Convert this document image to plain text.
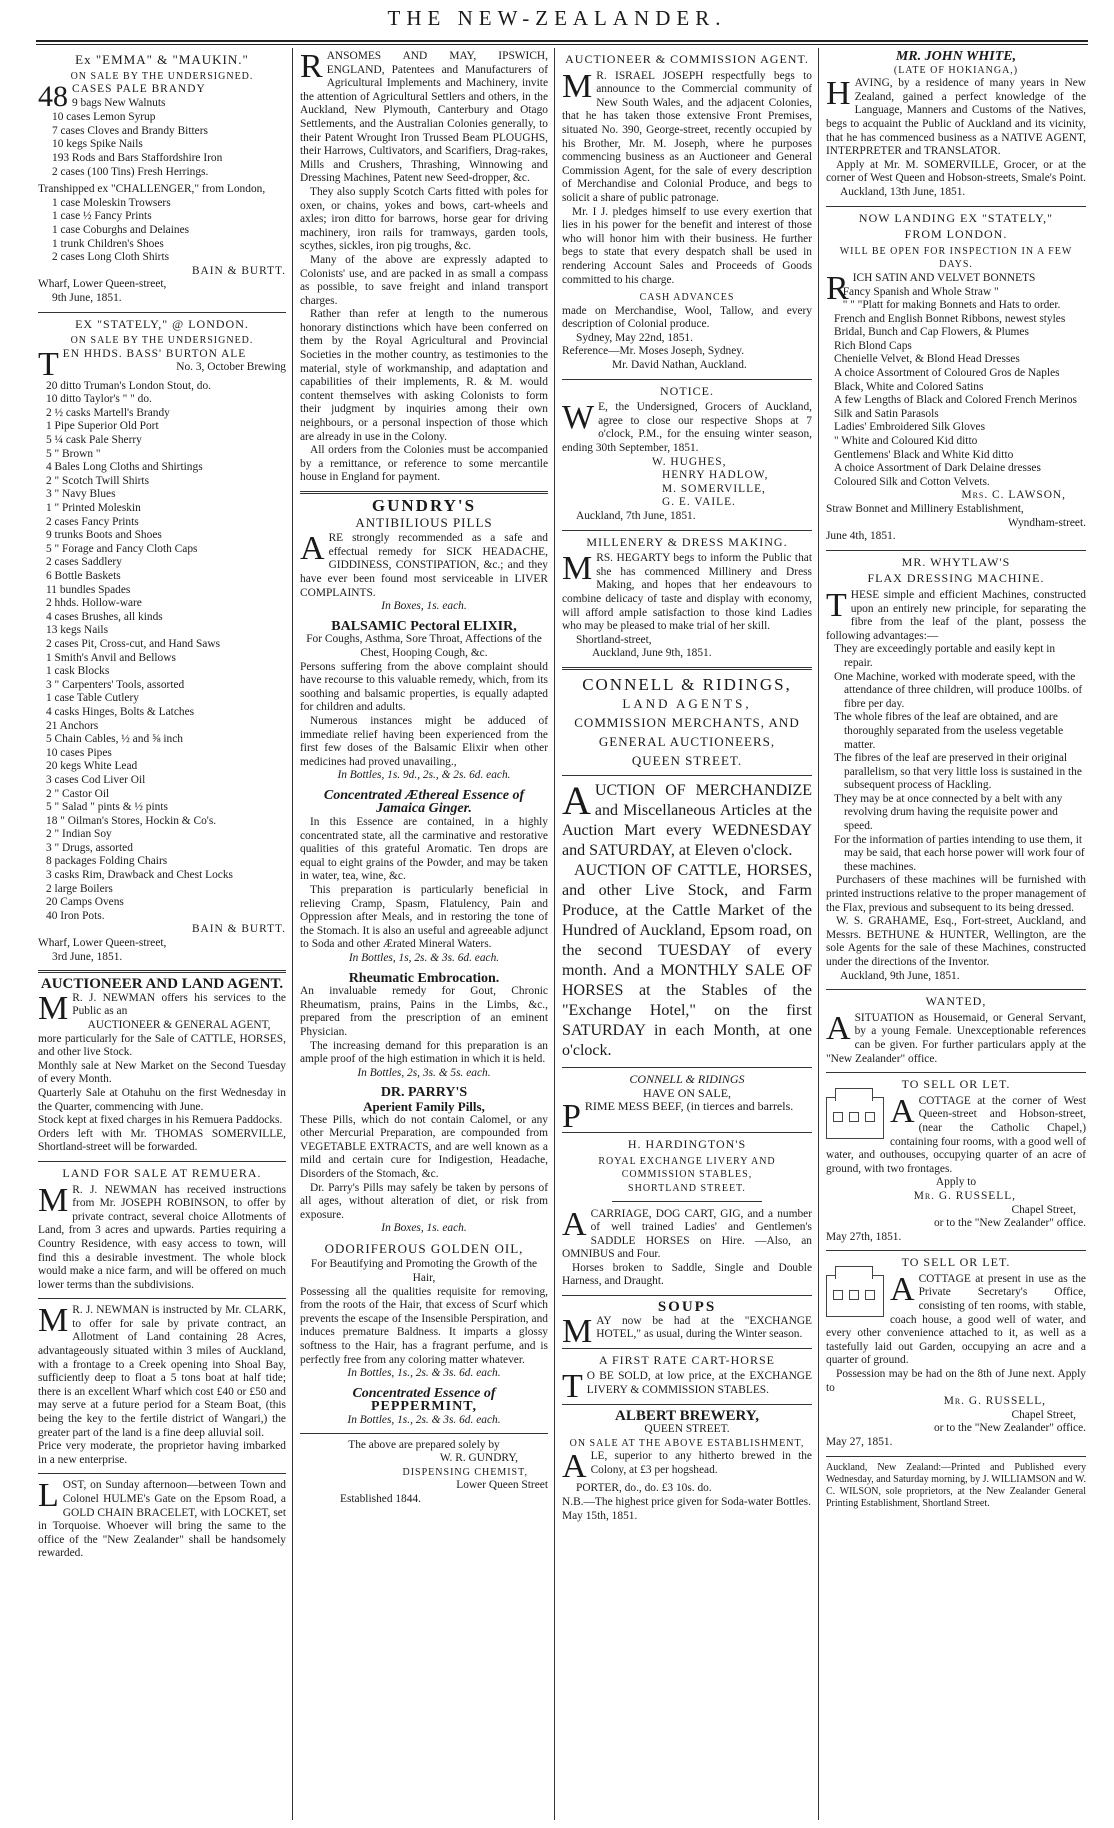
THE NEW-ZEALANDER.
Ex "EMMA" & "MAUKIN."
ON SALE BY THE UNDERSIGNED.
48 CASES PALE BRANDY
9 bags New Walnuts
10 cases Lemon Syrup
7 cases Cloves and Brandy Bitters
10 kegs Spike Nails
193 Rods and Bars Staffordshire Iron
2 cases (100 Tins) Fresh Herrings.
Transhipped ex "CHALLENGER," from London,
1 case Moleskin Trowsers
1 case ½ Fancy Prints
1 case Coburghs and Delaines
1 trunk Children's Shoes
2 cases Long Cloth Shirts
BAIN & BURTT.
Wharf, Lower Queen-street,
9th June, 1851.
EX "STATELY," @ LONDON.
ON SALE BY THE UNDERSIGNED.
TEN HHDS. BASS' BURTON ALE
No. 3, October Brewing
20 ditto Truman's London Stout, do.
10 ditto Taylor's " " do.
2 ½ casks Martell's Brandy
1 Pipe Superior Old Port
5 ¼ cask Pale Sherry
5 " Brown "
4 Bales Long Cloths and Shirtings
2 " Scotch Twill Shirts
3 " Navy Blues
1 " Printed Moleskin
2 cases Fancy Prints
9 trunks Boots and Shoes
5 " Forage and Fancy Cloth Caps
2 cases Saddlery
6 Bottle Baskets
11 bundles Spades
2 hhds. Hollow-ware
4 cases Brushes, all kinds
13 kegs Nails
2 cases Pit, Cross-cut, and Hand Saws
1 Smith's Anvil and Bellows
1 cask Blocks
3 " Carpenters' Tools, assorted
1 case Table Cutlery
4 casks Hinges, Bolts & Latches
21 Anchors
5 Chain Cables, ½ and ⅝ inch
10 cases Pipes
20 kegs White Lead
3 cases Cod Liver Oil
2 " Castor Oil
5 " Salad " pints & ½ pints
18 " Oilman's Stores, Hockin & Co's.
2 " Indian Soy
3 " Drugs, assorted
8 packages Folding Chairs
3 casks Rim, Drawback and Chest Locks
2 large Boilers
20 Camps Ovens
40 Iron Pots.
BAIN & BURTT.
Wharf, Lower Queen-street,
3rd June, 1851.
AUCTIONEER AND LAND AGENT.
M R. J. NEWMAN offers his services to the Public as an
AUCTIONEER & GENERAL AGENT,
more particularly for the Sale of CATTLE, HORSES, and other live Stock.
Monthly sale at New Market on the Second Tuesday of every Month.
Quarterly Sale at Otahuhu on the first Wednesday in the Quarter, commencing with June.
Stock kept at fixed charges in his Remuera Paddocks.
Orders left with Mr. THOMAS SOMERVILLE, Shortland-street will be forwarded.
LAND FOR SALE AT REMUERA.
M R. J. NEWMAN has received instructions from Mr. JOSEPH ROBINSON, to offer by private contract, several choice Allotments of Land, from 3 acres and upwards. Parties requiring a Country Residence, with easy access to town, will find this a desirable investment. The whole block would make a nice farm, and will be offered on much lower terms than the subdivisions.
M R. J. NEWMAN is instructed by Mr. CLARK, to offer for sale by private contract, an Allotment of Land containing 28 Acres, advantageously situated within 3 miles of Auckland, with a frontage to a Creek opening into Shoal Bay, sufficiently deep to float a 5 tons boat at half tide; there is an excellent Wharf which cost £40 or £50 and may serve at a future period for a Steam Boat, (this being the key to the fertile district of Wangari,) the greater part of the land is a fine deep alluvial soil.
Price very moderate, the proprietor having imbarked in a new enterprise.
LOST, on Sunday afternoon—between Town and Colonel HULME's Gate on the Epsom Road, a GOLD CHAIN BRACELET, with LOCKET, set in Torquoise. Whoever will bring the same to the office of the "New Zealander" shall be handsomely rewarded.
RANSOMES AND MAY, IPSWICH, ENGLAND, Patentees and Manufacturers of Agricultural Implements and Machinery, invite the attention of Agricultural Settlers and others, in the Auckland, New Plymouth, Canterbury and Otago Settlements, and the Australian Colonies generally, to their Patent Wrought Iron Trussed Beam PLOUGHS, their Harrows, Cultivators, and Scarifiers, Drag-rakes, Mills and Crushers, Thrashing, Winnowing and Dressing Machines, Patent new Seed-dropper, &c.
They also supply Scotch Carts fitted with poles for oxen, or chains, yokes and bows, cart-wheels and axles; iron ditto for barrows, horse gear for driving machinery, iron rails for tramways, garden tools, scythes, sickles, iron pig troughs, &c.
Many of the above are expressly adapted to Colonists' use, and are packed in as small a compass as possible, to save freight and inland transport charges.
Rather than refer at length to the numerous honorary distinctions which have been conferred on them by the Royal Agricultural and Provincial Societies in the mother country, as testimonies to the material, style of workmanship, and adaptation and capabilities of their implements, R. & M. would content themselves with asking Colonists to form their judgment by inquiries among their own neighbours, or a personal inspection of those which are already in use in the Colony.
All orders from the Colonies must be accompanied by a remittance, or reference to some mercantile house in England for payment.
GUNDRY'S
ANTIBILIOUS PILLS
ARE strongly recommended as a safe and effectual remedy for SICK HEADACHE, GIDDINESS, CONSTIPATION, &c.; and they have ever been found most serviceable in LIVER COMPLAINTS.
In Boxes, 1s. each.
BALSAMIC Pectoral ELIXIR,
For Coughs, Asthma, Sore Throat, Affections of the Chest, Hooping Cough, &c.
Persons suffering from the above complaint should have recourse to this valuable remedy, which, from its soothing and balsamic properties, is equally adapted for children and adults.
Numerous instances might be adduced of immediate relief having been experienced from the first few doses of the Balsamic Elixir when other medicines had proved unavailing.,
In Bottles, 1s. 9d., 2s., & 2s. 6d. each.
Concentrated Æthereal Essence of Jamaica Ginger.
In this Essence are contained, in a highly concentrated state, all the carminative and restorative qualities of this grateful Aromatic. Ten drops are equal to eight grains of the Powder, and may be taken in water, tea, wine, &c.
This preparation is particularly beneficial in relieving Cramp, Spasm, Flatulency, Pain and Oppression after Meals, and in restoring the tone of the Stomach. It is also an useful and agreeable adjunct to Soda and other Ærated Mineral Waters.
In Bottles, 1s, 2s. & 3s. 6d. each.
Rheumatic Embrocation.
An invaluable remedy for Gout, Chronic Rheumatism, prains, Pains in the Limbs, &c., prepared from the prescription of an eminent Physician.
The increasing demand for this preparation is an ample proof of the high estimation in which it is held.
In Bottles, 2s, 3s. & 5s. each.
DR. PARRY'S
Aperient Family Pills,
These Pills, which do not contain Calomel, or any other Mercurial Preparation, are compounded from VEGETABLE EXTRACTS, and are well known as a mild and certain cure for Indigestion, Headache, Disorders of the Stomach, &c.
Dr. Parry's Pills may safely be taken by persons of all ages, without alteration of diet, or risk from exposure.
In Boxes, 1s. each.
ODORIFEROUS GOLDEN OIL,
For Beautifying and Promoting the Growth of the Hair,
Possessing all the qualities requisite for removing, from the roots of the Hair, that excess of Scurf which prevents the escape of the Insensible Perspiration, and induces premature Baldness. It imparts a glossy softness to the Hair, has a fragrant perfume, and is perfectly free from any coloring matter whatever.
In Bottles, 1s., 2s. & 3s. 6d. each.
Concentrated Essence of
PEPPERMINT,
In Bottles, 1s., 2s. & 3s. 6d. each.
The above are prepared solely by
W. R. GUNDRY,
DISPENSING CHEMIST,
Lower Queen Street
Established 1844.
AUCTIONEER & COMMISSION AGENT.
M R. ISRAEL JOSEPH respectfully begs to announce to the Commercial community of New South Wales, and the adjacent Colonies, that he has taken those extensive Front Premises, situated No. 390, George-street, recently occupied by his Brother, Mr. M. Joseph, where he purposes commencing business as an Auctioneer and General Commission Agent, for the sale of every description of Merchandise and Colonial Produce, and begs to solicit a share of public patronage.
Mr. I J. pledges himself to use every exertion that lies in his power for the benefit and interest of those who will honor him with their business. He further begs to state that every despatch shall be used in rendering Account Sales and Proceeds of Goods committed to his charge.
CASH ADVANCES
made on Merchandise, Wool, Tallow, and every description of Colonial produce.
Sydney, May 22nd, 1851.
Reference—Mr. Moses Joseph, Sydney.
Mr. David Nathan, Auckland.
NOTICE.
W E, the Undersigned, Grocers of Auckland, agree to close our respective Shops at 7 o'clock, P.M., for the ensuing winter season, ending 30th September, 1851.
W. HUGHES,
HENRY HADLOW,
M. SOMERVILLE,
G. E. VAILE.
Auckland, 7th June, 1851.
MILLENERY & DRESS MAKING.
MRS. HEGARTY begs to inform the Public that she has commenced Millinery and Dress Making, and hopes that her endeavours to combine delicacy of taste and display with economy, will afford ample satisfaction to those kind Ladies who may be pleased to make trial of her skill.
Shortland-street,
Auckland, June 9th, 1851.
CONNELL & RIDINGS,
LAND AGENTS,
COMMISSION MERCHANTS, AND
GENERAL AUCTIONEERS,
QUEEN STREET.
AUCTION OF MERCHANDIZE and Miscellaneous Articles at the Auction Mart every WEDNESDAY and SATURDAY, at Eleven o'clock.
AUCTION OF CATTLE, HORSES, and other Live Stock, and Farm Produce, at the Cattle Market of the Hundred of Auckland, Epsom road, on the second TUESDAY of every month. And a MONTHLY SALE OF HORSES at the Stables of the "Exchange Hotel," on the first SATURDAY in each Month, at one o'clock.
CONNELL & RIDINGS
HAVE ON SALE,
PRIME MESS BEEF, (in tierces and barrels.
H. HARDINGTON'S
ROYAL EXCHANGE LIVERY AND COMMISSION STABLES,
SHORTLAND STREET.
ACARRIAGE, DOG CART, GIG, and a number of well trained Ladies' and Gentlemen's SADDLE HORSES on Hire. —Also, an OMNIBUS and Four.
Horses broken to Saddle, Single and Double Harness, and Draught.
SOUPS
MAY now be had at the "EXCHANGE HOTEL," as usual, during the Winter season.
A FIRST RATE CART-HORSE
T O BE SOLD, at low price, at the EXCHANGE LIVERY & COMMISSION STABLES.
ALBERT BREWERY,
QUEEN STREET.
ON SALE AT THE ABOVE ESTABLISHMENT,
ALE, superior to any hitherto brewed in the Colony, at £3 per hogshead.
PORTER, do., do. £3 10s. do.
N.B.—The highest price given for Soda-water Bottles.
May 15th, 1851.
MR. JOHN WHITE,
(LATE OF HOKIANGA,)
HAVING, by a residence of many years in New Zealand, gained a perfect knowledge of the Language, Manners and Customs of the Natives, begs to acquaint the Public of Auckland and its vicinity, that he has commenced business as a NATIVE AGENT, INTERPRETER and TRANSLATOR.
Apply at Mr. M. SOMERVILLE, Grocer, or at the corner of West Queen and Hobson-streets, Smale's Point.
Auckland, 13th June, 1851.
NOW LANDING EX "STATELY,"
FROM LONDON.
WILL BE OPEN FOR INSPECTION IN A FEW DAYS.
RICH SATIN AND VELVET BONNETS
Fancy Spanish and Whole Straw "
" " "Platt for making Bonnets and Hats to order.
French and English Bonnet Ribbons, newest styles
Bridal, Bunch and Cap Flowers, & Plumes
Rich Blond Caps
Chenielle Velvet, & Blond Head Dresses
A choice Assortment of Coloured Gros de Naples
Black, White and Colored Satins
A few Lengths of Black and Colored French Merinos
Silk and Satin Parasols
Ladies' Embroidered Silk Gloves
" White and Coloured Kid ditto
Gentlemens' Black and White Kid ditto
A choice Assortment of Dark Delaine dresses
Coloured Silk and Cotton Velvets.
Mrs. C. LAWSON,
Straw Bonnet and Millinery Establishment,
Wyndham-street.
June 4th, 1851.
MR. WHYTLAW'S
FLAX DRESSING MACHINE.
THESE simple and efficient Machines, constructed upon an entirely new principle, for separating the fibre from the leaf of the plant, possess the following advantages:—
They are exceedingly portable and easily kept in repair.
One Machine, worked with moderate speed, with the attendance of three children, will produce 100lbs. of fibre per day.
The whole fibres of the leaf are obtained, and are thoroughly separated from the useless vegetable matter.
The fibres of the leaf are preserved in their original parallelism, so that very little loss is sustained in the subsequent process of Hackling.
They may be at once connected by a belt with any revolving drum having the requisite power and speed.
For the information of parties intending to use them, it may be said, that each horse power will work four of these machines.
Purchasers of these machines will be furnished with printed instructions relative to the proper management of the Flax, previous and subsequent to its being dressed.
W. S. GRAHAME, Esq., Fort-street, Auckland, and Messrs. BETHUNE & HUNTER, Wellington, are the sole Agents for the sale of these Machines, constructed under the directions of the Inventor.
Auckland, 9th June, 1851.
WANTED,
ASITUATION as Housemaid, or General Servant, by a young Female. Unexceptionable references can be given. For further particulars apply at the "New Zealander" office.
TO SELL OR LET.
ACOTTAGE at the corner of West Queen-street and Hobson-street, (near the Catholic Chapel,) containing four rooms, with a good well of water, and outhouses, occupying quarter of an acre of ground, with two frontages.
Apply to
Mr. G. RUSSELL,
Chapel Street,
or to the "New Zealander" office.
May 27th, 1851.
TO SELL OR LET.
ACOTTAGE at present in use as the Private Secretary's Office, consisting of ten rooms, with stable, coach house, a good well of water, and every other convenience attached to it, as well as a tastefully laid out Garden, occupying an acre and a quarter of ground.
Possession may be had on the 8th of June next. Apply to
Mr. G. RUSSELL,
Chapel Street,
or to the "New Zealander" office.
May 27, 1851.
Auckland, New Zealand:—Printed and Published every Wednesday, and Saturday morning, by J. WILLIAMSON and W. C. WILSON, sole proprietors, at the New Zealander General Printing Establishment, Shortland Street.
